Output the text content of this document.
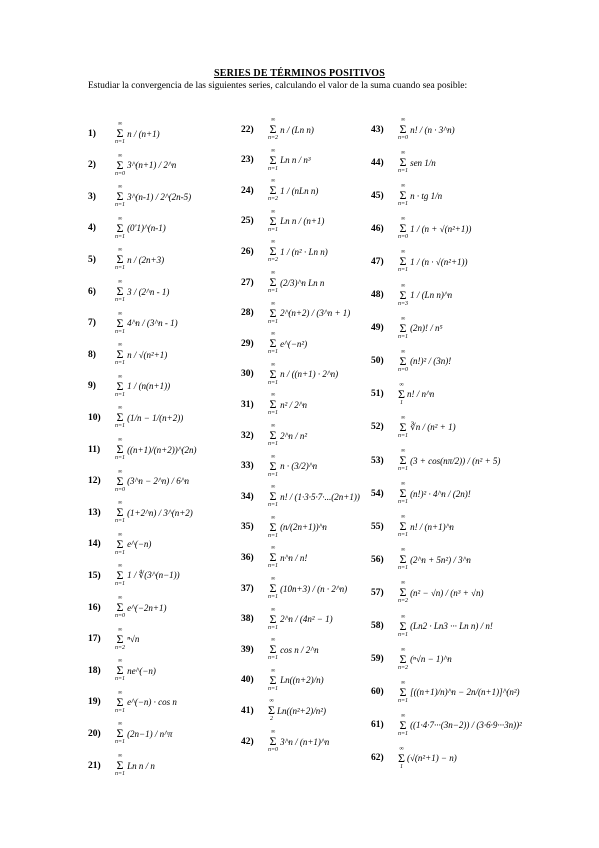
SERIES DE TÉRMINOS POSITIVOS
Estudiar la convergencia de las siguientes series, calculando el valor de la suma cuando sea posible:
1)
∞
Σ
n=1
n / (n+1)
2)
∞
Σ
n=0
3^(n+1) / 2^n
3)
∞
Σ
n=1
3^(n-1) / 2^(2n-5)
4)
∞
Σ
n=1
(0'1)^(n-1)
5)
∞
Σ
n=1
n / (2n+3)
6)
∞
Σ
n=1
3 / (2^n - 1)
7)
∞
Σ
n=1
4^n / (3^n - 1)
8)
∞
Σ
n=1
n / √(n²+1)
9)
∞
Σ
n=1
1 / (n(n+1))
10)
∞
Σ
n=1
(1/n − 1/(n+2))
11)
∞
Σ
n=1
((n+1)/(n+2))^(2n)
12)
∞
Σ
n=0
(3^n − 2^n) / 6^n
13)
∞
Σ
n=1
(1+2^n) / 3^(n+2)
14)
∞
Σ
n=1
e^(−n)
15)
∞
Σ
n=1
1 / ∜(3^(n−1))
16)
∞
Σ
n=0
e^(−2n+1)
17)
∞
Σ
n=2
ⁿ√n
18)
∞
Σ
n=1
ne^(−n)
19)
∞
Σ
n=1
e^(−n) · cos n
20)
∞
Σ
n=1
(2n−1) / n^π
21)
∞
Σ
n=1
Ln n / n
22)
∞
Σ
n=2
n / (Ln n)
23)
∞
Σ
n=1
Ln n / n³
24)
∞
Σ
n=2
1 / (nLn n)
25)
∞
Σ
n=1
Ln n / (n+1)
26)
∞
Σ
n=2
1 / (n² · Ln n)
27)
∞
Σ
n=1
(2/3)^n Ln n
28)
∞
Σ
n=1
2^(n+2) / (3^n + 1)
29)
∞
Σ
n=1
e^(−n²)
30)
∞
Σ
n=1
n / ((n+1) · 2^n)
31)
∞
Σ
n=1
n² / 2^n
32)
∞
Σ
n=1
2^n / n²
33)
∞
Σ
n=1
n · (3/2)^n
34)
∞
Σ
n=1
n! / (1·3·5·7·...(2n+1))
35)
∞
Σ
n=1
(n/(2n+1))^n
36)
∞
Σ
n=1
n^n / n!
37)
∞
Σ
n=1
(10n+3) / (n · 2^n)
38)
∞
Σ
n=1
2^n / (4n² − 1)
39)
∞
Σ
n=1
cos n / 2^n
40)
∞
Σ
n=1
Ln((n+2)/n)
41)
∞
Σ
2
Ln((n²+2)/n²)
42)
∞
Σ
n=0
3^n / (n+1)^n
43)
∞
Σ
n=0
n! / (n · 3^n)
44)
∞
Σ
n=1
sen 1/n
45)
∞
Σ
n=1
n · tg 1/n
46)
∞
Σ
n=0
1 / (n + √(n²+1))
47)
∞
Σ
n=1
1 / (n · √(n²+1))
48)
∞
Σ
n=3
1 / (Ln n)^n
49)
∞
Σ
n=1
(2n)! / n⁵
50)
∞
Σ
n=0
(n!)² / (3n)!
51)
∞
Σ
1
n! / n^n
52)
∞
Σ
n=1
∛n / (n² + 1)
53)
∞
Σ
n=1
(3 + cos(nπ/2)) / (n² + 5)
54)
∞
Σ
n=1
(n!)² · 4^n / (2n)!
55)
∞
Σ
n=1
n! / (n+1)^n
56)
∞
Σ
n=1
(2^n + 5n²) / 3^n
57)
∞
Σ
n=2
(n² − √n) / (n³ + √n)
58)
∞
Σ
n=1
(Ln2 · Ln3 ··· Ln n) / n!
59)
∞
Σ
n=2
(ⁿ√n − 1)^n
60)
∞
Σ
n=1
[((n+1)/n)^n − 2n/(n+1)]^(n²)
61)
∞
Σ
n=1
((1·4·7···(3n−2)) / (3·6·9···3n))²
62)
∞
Σ
1
(√(n²+1) − n)
